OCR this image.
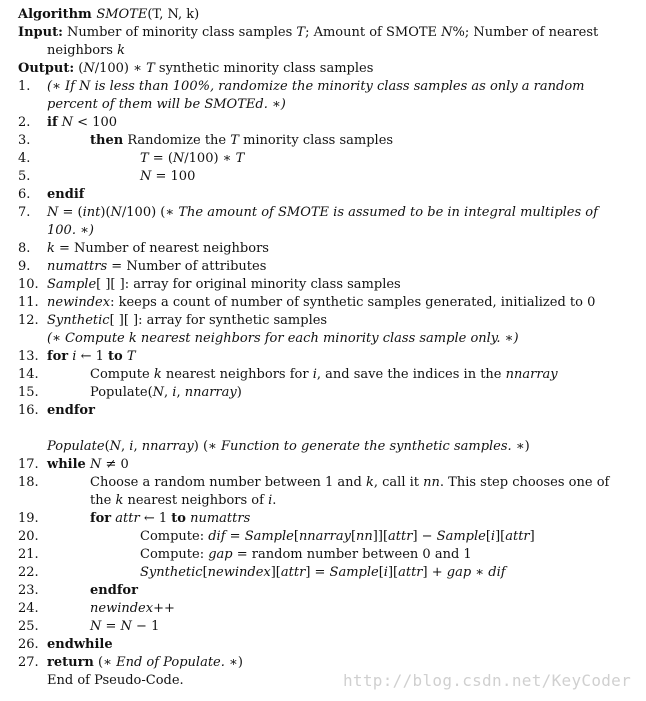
Algorithm SMOTE(T, N, k)
Input: Number of minority class samples T; Amount of SMOTE N%; Number of nearest
neighbors k
Output: (N/100) ∗ T synthetic minority class samples
1.	(∗ If N is less than 100%, randomize the minority class samples as only a random
percent of them will be SMOTEd. ∗)
2.	if N < 100
3.	then Randomize the T minority class samples
4.	T = (N/100) ∗ T
5.	N = 100
6.	endif
7.	N = (int)(N/100) (∗ The amount of SMOTE is assumed to be in integral multiples of
100. ∗)
8.	k = Number of nearest neighbors
9.	numattrs = Number of attributes
10. Sample[ ][ ]: array for original minority class samples
11. newindex: keeps a count of number of synthetic samples generated, initialized to 0
12. Synthetic[ ][ ]: array for synthetic samples
(∗ Compute k nearest neighbors for each minority class sample only. ∗)
13. for i ← 1 to T
14.	Compute k nearest neighbors for i, and save the indices in the nnarray
15.	Populate(N, i, nnarray)
16. endfor
Populate(N, i, nnarray) (∗ Function to generate the synthetic samples. ∗)
17. while N ≠ 0
18.	Choose a random number between 1 and k, call it nn. This step chooses one of
the k nearest neighbors of i.
19.	for attr ← 1 to numattrs
20.	Compute: dif = Sample[nnarray[nn]][attr] − Sample[i][attr]
21.	Compute: gap = random number between 0 and 1
22.	Synthetic[newindex][attr] = Sample[i][attr] + gap ∗ dif
23.	endfor
24.	newindex++
25.	N = N − 1
26. endwhile
27. return (∗ End of Populate. ∗)
End of Pseudo-Code.	http://blog.csdn.net/KeyCoder
